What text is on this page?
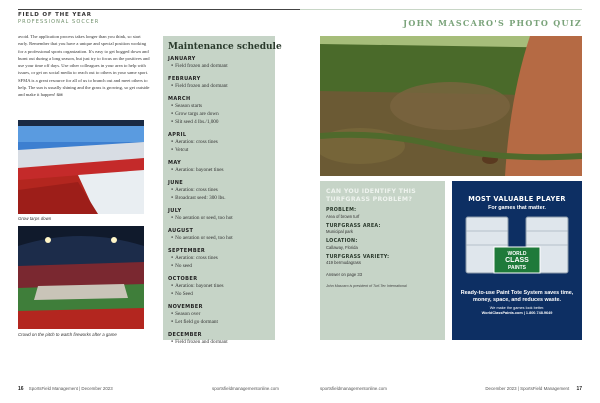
FIELD OF THE YEAR
PROFESSIONAL SOCCER	JOHN MASCARO'S PHOTO QUIZ
avoid. The application process takes longer than you think, so start early. Remember that you have a unique and special position working for a professional sports organization. It's easy to get bogged down and burnt out during a long season, but just try to focus on the positives and use your time off days. Use other colleagues in your area to help with issues, or get on social media to reach out to others in your same sport. SFMA is a great resource for all of us to branch out and meet others to help. The sun is usually shining and the grass is growing, so get outside and make it happen! SM
Grow tarps down
Crowd on the pitch to watch fireworks after a game
Maintenance schedule
JANUARY
● Field frozen and dormant
FEBRUARY
● Field frozen and dormant
MARCH
● Season starts
● Grow targs are down
● Slit seed 4 lbs./1,000
APRIL
● Aeration: cross tines
● Vetcut
MAY
● Aeration: bayonet tines
JUNE
● Aeration: cross tines
● Broadcast seed: 300 lbs.
JULY
● No aeration or seed, too hot
AUGUST
● No aeration or seed, too hot
SEPTEMBER
● Aeration: cross tines
● No seed
OCTOBER
● Aeration: bayonet tines
● No Seed
NOVEMBER
● Season over
● Let field go dormant
DECEMBER
● Field frozen and dormant
CAN YOU IDENTIFY THIS TURFGRASS PROBLEM?
PROBLEM:
Area of brown turf
TURFGRASS AREA:
Municipal park
LOCATION:
Callaway, Florida
TURFGRASS VARIETY:
419 bermudagrass
Answer on page 33
John Mascaro is president of Turf-Tec International
MOST VALUABLE PLAYER
For games that matter.
WORLD
CLASS
PAINTS
Ready-to-use Paint Tote System saves time, money, space, and reduces waste.
We make the games look better.
WorldClassPaints.com | 1.800.748.9649
16 SportsField Management | December 2023	sportsfieldmanagementonline.com	sportsfieldmanagementonline.com	December 2023 | SportsField Management 17
